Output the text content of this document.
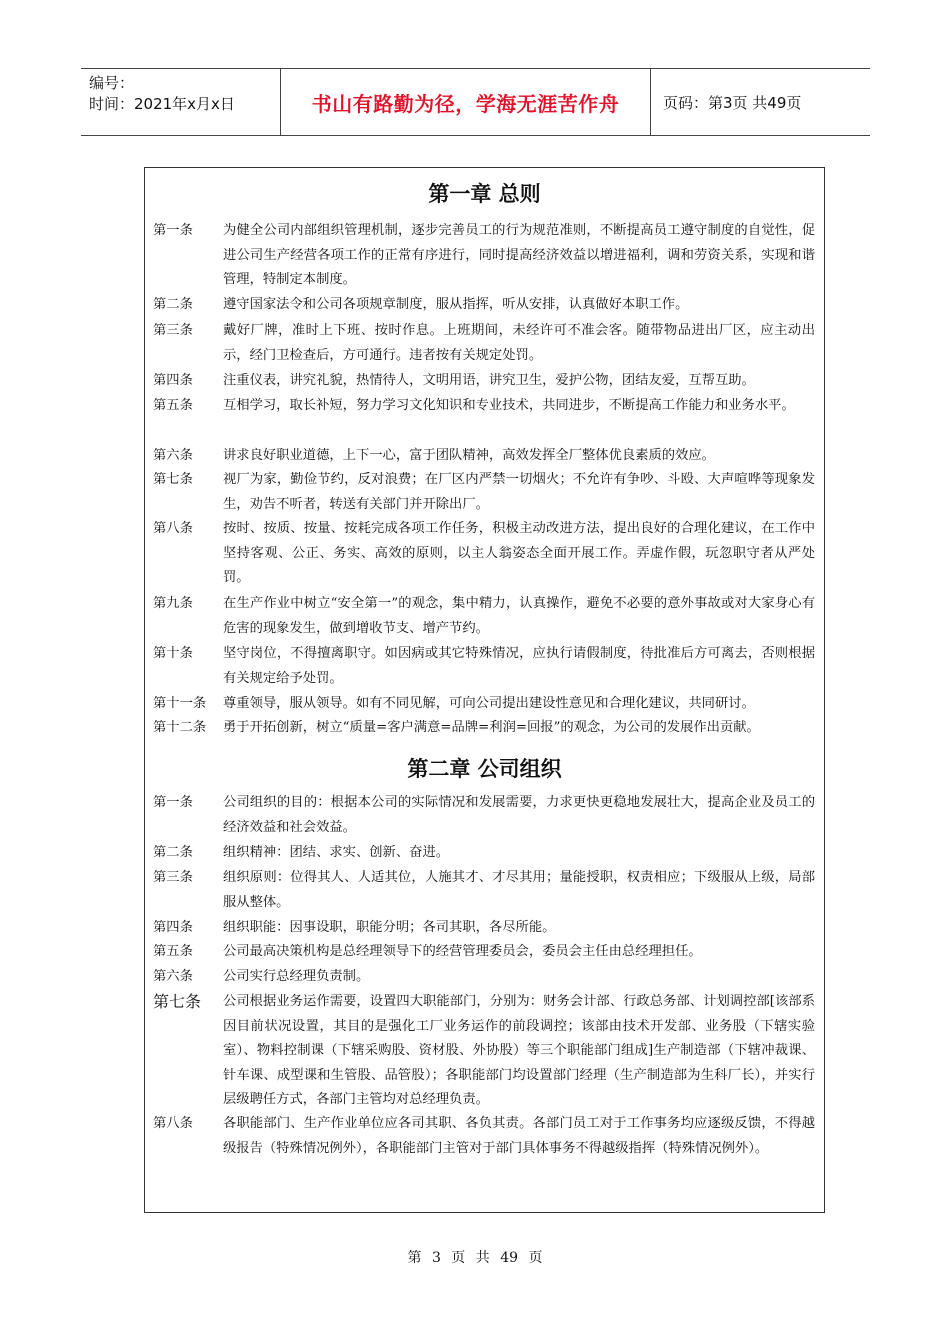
编号：
时间：2021年x月x日	书山有路勤为径，学海无涯苦作舟	页码：第3页 共49页
第一章 总则
第一条 为健全公司内部组织管理机制，逐步完善员工的行为规范准则，不断提高员工遵守制度的自觉性，促进公司生产经营各项工作的正常有序进行，同时提高经济效益以增进福利，调和劳资关系，实现和谐管理，特制定本制度。
第二条 遵守国家法令和公司各项规章制度，服从指挥，听从安排，认真做好本职工作。
第三条 戴好厂牌，准时上下班、按时作息。上班期间，未经许可不准会客。随带物品进出厂区，应主动出示，经门卫检查后，方可通行。违者按有关规定处罚。
第四条 注重仪表，讲究礼貌，热情待人，文明用语，讲究卫生，爱护公物，团结友爱，互帮互助。
第五条 互相学习，取长补短，努力学习文化知识和专业技术，共同进步，不断提高工作能力和业务水平。
第六条 讲求良好职业道德，上下一心，富于团队精神，高效发挥全厂整体优良素质的效应。
第七条 视厂为家，勤俭节约，反对浪费；在厂区内严禁一切烟火；不允许有争吵、斗殴、大声喧哗等现象发生，劝告不听者，转送有关部门并开除出厂。
第八条 按时、按质、按量、按耗完成各项工作任务，积极主动改进方法，提出良好的合理化建议，在工作中坚持客观、公正、务实、高效的原则，以主人翁姿态全面开展工作。弄虚作假，玩忽职守者从严处罚。
第九条 在生产作业中树立“安全第一”的观念，集中精力，认真操作，避免不必要的意外事故或对大家身心有危害的现象发生，做到增收节支、增产节约。
第十条 坚守岗位，不得擅离职守。如因病或其它特殊情况，应执行请假制度，待批准后方可离去，否则根据有关规定给予处罚。
第十一条 尊重领导，服从领导。如有不同见解，可向公司提出建设性意见和合理化建议，共同研讨。
第十二条 勇于开拓创新，树立“质量=客户满意=品牌=利润=回报”的观念，为公司的发展作出贡献。
第二章 公司组织
第一条 公司组织的目的：根据本公司的实际情况和发展需要，力求更快更稳地发展壮大，提高企业及员工的经济效益和社会效益。
第二条 组织精神：团结、求实、创新、奋进。
第三条 组织原则：位得其人、人适其位，人施其才、才尽其用；量能授职，权责相应；下级服从上级，局部服从整体。
第四条 组织职能：因事设职，职能分明；各司其职，各尽所能。
第五条 公司最高决策机构是总经理领导下的经营管理委员会，委员会主任由总经理担任。
第六条 公司实行总经理负责制。
第七条 公司根据业务运作需要，设置四大职能部门，分别为：财务会计部、行政总务部、计划调控部[该部系因目前状况设置，其目的是强化工厂业务运作的前段调控；该部由技术开发部、业务股（下辖实验室）、物料控制课（下辖采购股、资材股、外协股）等三个职能部门组成]生产制造部（下辖冲裁课、针车课、成型课和生管股、品管股）；各职能部门均设置部门经理（生产制造部为生科厂长），并实行层级聘任方式，各部门主管均对总经理负责。
第八条 各职能部门、生产作业单位应各司其职、各负其责。各部门员工对于工作事务均应逐级反馈，不得越级报告（特殊情况例外），各职能部门主管对于部门具体事务不得越级指挥（特殊情况例外）。
第 3 页 共 49 页
